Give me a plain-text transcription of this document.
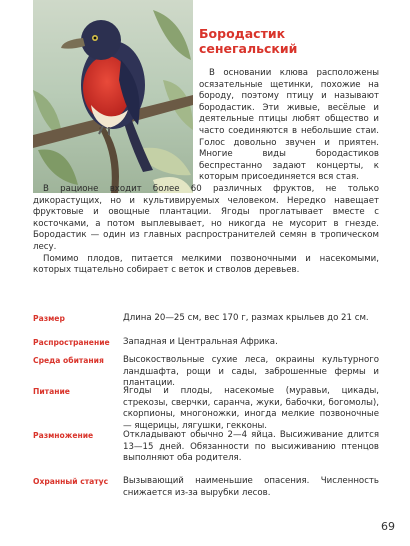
Бородастик
сенегальский

В основании клюва расположены осязательные щетинки, похожие на бороду, поэтому птицу и называют бородастик. Эти живые, весёлые и деятельные птицы любят общество и часто соединяются в небольшие стаи. Голос довольно звучен и приятен. Многие виды бородастиков беспрестанно задают концерты, к которым присоединяется вся стая.

В рационе входит более 60 различных фруктов, не только дикорастущих, но и культивируемых человеком. Нередко навещает фруктовые и овощные плантации. Ягоды проглатывает вместе с косточками, а потом выплевывает, но никогда не мусорит в гнезде. Бородастик — один из главных распространителей семян в тропическом лесу.

Помимо плодов, питается мелкими позвоночными и насекомыми, которых тщательно собирает с веток и стволов деревьев.

Размер	Длина 20—25 см, вес 170 г, размах крыльев до 21 см.
Распространение	Западная и Центральная Африка.
Среда обитания	Высокоствольные сухие леса, окраины культурного ландшафта, рощи и сады, заброшенные фермы и плантации.
Питание	Ягоды и плоды, насекомые (муравьи, цикады, стрекозы, сверчки, саранча, жуки, бабочки, богомолы), скорпионы, многоножки, иногда мелкие позвоночные — ящерицы, лягушки, гекконы.
Размножение	Откладывают обычно 2—4 яйца. Высиживание длится 13—15 дней. Обязанности по высиживанию птенцов выполняют оба родителя.
Охранный статус	Вызывающий наименьшие опасения. Численность снижается из-за вырубки лесов.
69
